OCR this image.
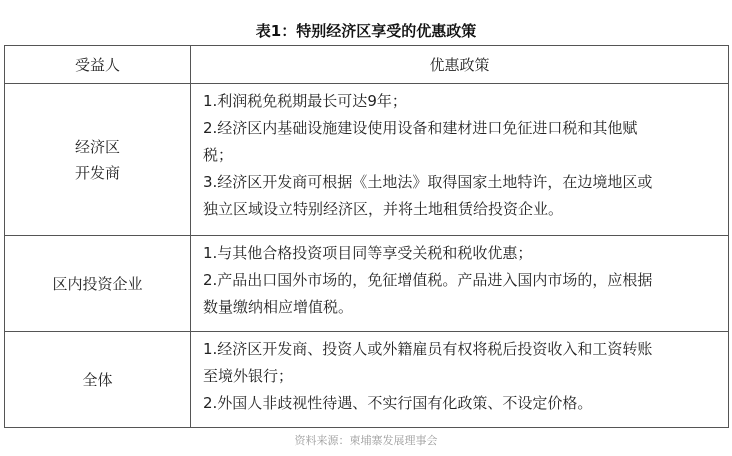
表1：特别经济区享受的优惠政策
受益人	优惠政策

经济区
开发商	1.利润税免税期最长可达9年；
2.经济区内基础设施建设使用设备和建材进口免征进口税和其他赋
税；
3.经济区开发商可根据《土地法》取得国家土地特许，在边境地区或
独立区域设立特别经济区，并将土地租赁给投资企业。

区内投资企业	1.与其他合格投资项目同等享受关税和税收优惠；
2.产品出口国外市场的，免征增值税。产品进入国内市场的，应根据
数量缴纳相应增值税。

全体	1.经济区开发商、投资人或外籍雇员有权将税后投资收入和工资转账
至境外银行；
2.外国人非歧视性待遇、不实行国有化政策、不设定价格。
资料来源：柬埔寨发展理事会
